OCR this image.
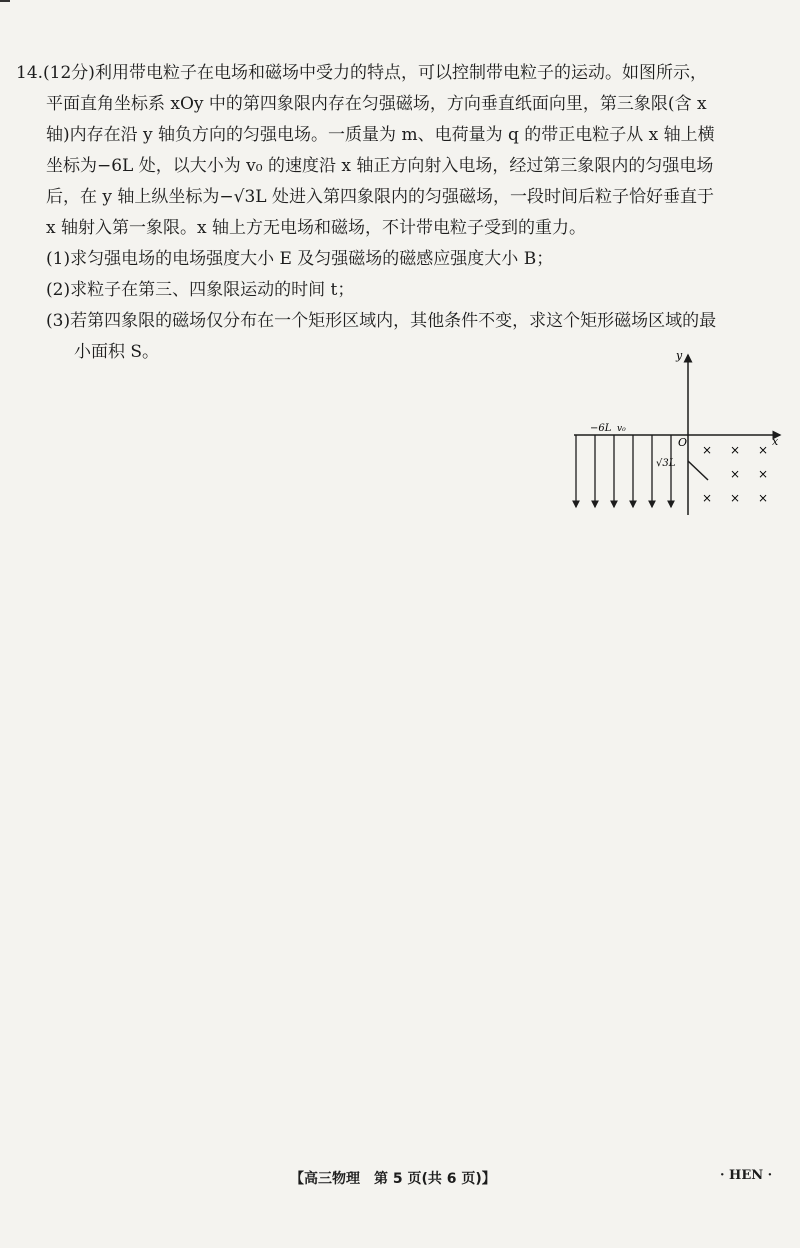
14.(12分)利用带电粒子在电场和磁场中受力的特点，可以控制带电粒子的运动。如图所示，
平面直角坐标系 xOy 中的第四象限内存在匀强磁场，方向垂直纸面向里，第三象限(含 x
轴)内存在沿 y 轴负方向的匀强电场。一质量为 m、电荷量为 q 的带正电粒子从 x 轴上横
坐标为−6L 处，以大小为 v₀ 的速度沿 x 轴正方向射入电场，经过第三象限内的匀强电场
后，在 y 轴上纵坐标为−√3L 处进入第四象限内的匀强磁场，一段时间后粒子恰好垂直于
x 轴射入第一象限。x 轴上方无电场和磁场，不计带电粒子受到的重力。
(1)求匀强电场的电场强度大小 E 及匀强磁场的磁感应强度大小 B；
(2)求粒子在第三、四象限运动的时间 t；
(3)若第四象限的磁场仅分布在一个矩形区域内，其他条件不变，求这个矩形磁场区域的最
小面积 S。	y
x
O
−6L v₀
√3L
× × ×
× ×
× × ×
【高三物理　第 5 页(共 6 页)】	· HEN ·
